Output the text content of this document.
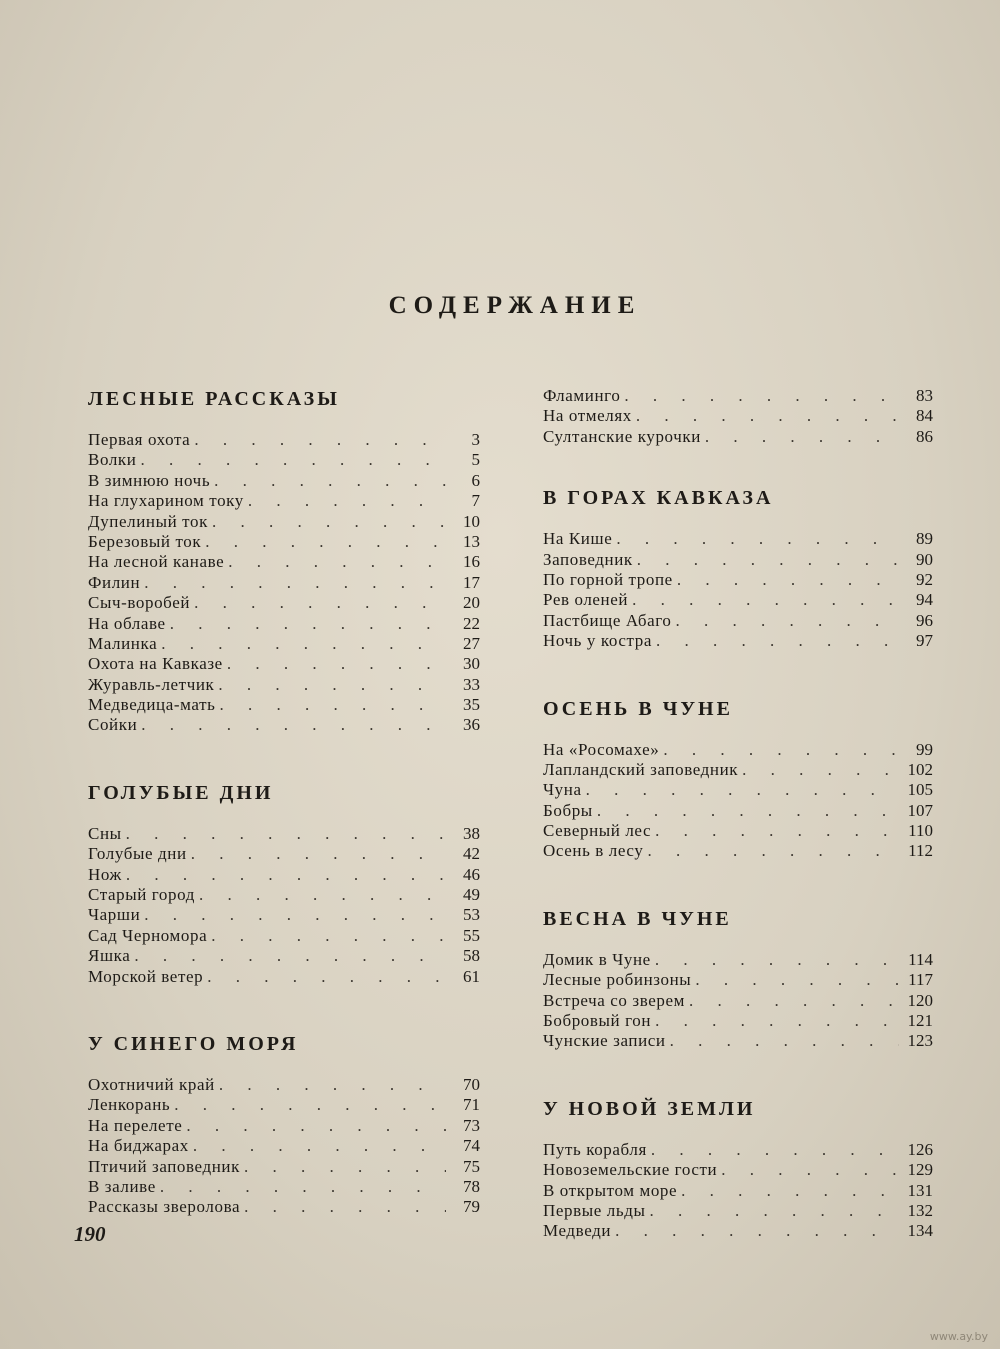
СОДЕРЖАНИЕ
ЛЕСНЫЕ РАССКАЗЫ
Первая охота . . .	3
Волки . . .	5
В зимнюю ночь . . .	6
На глухарином току . . .	7
Дупелиный ток . . .	10
Березовый ток . . .	13
На лесной канаве . . .	16
Филин . . .	17
Сыч-воробей . . .	20
На облаве . . .	22
Малинка . . .	27
Охота на Кавказе . . .	30
Журавль-летчик . . .	33
Медведица-мать . . .	35
Сойки . . .	36
ГОЛУБЫЕ ДНИ
Сны . . .	38
Голубые дни . . .	42
Нож . . .	46
Старый город . . .	49
Чарши . . .	53
Сад Черномора . . .	55
Яшка . . .	58
Морской ветер . . .	61
У СИНЕГО МОРЯ
Охотничий край . . .	70
Ленкорань . . .	71
На перелете . . .	73
На биджарах . . .	74
Птичий заповедник . . .	75
В заливе . . .	78
Рассказы зверолова . . .	79
Фламинго . . .	83
На отмелях . . .	84
Султанские курочки . . .	86
В ГОРАХ КАВКАЗА
На Кише . . .	89
Заповедник . . .	90
По горной тропе . . .	92
Рев оленей . . .	94
Пастбище Абаго . . .	96
Ночь у костра . . .	97
ОСЕНЬ В ЧУНЕ
На «Росомахе» . . .	99
Лапландский заповедник . . .	102
Чуна . . .	105
Бобры . . .	107
Северный лес . . .	110
Осень в лесу . . .	112
ВЕСНА В ЧУНЕ
Домик в Чуне . . .	114
Лесные робинзоны . . .	117
Встреча со зверем . . .	120
Бобровый гон . . .	121
Чунские записи . . .	123
У НОВОЙ ЗЕМЛИ
Путь корабля . . .	126
Новоземельские гости . . .	129
В открытом море . . .	131
Первые льды . . .	132
Медведи . . .	134
190
www.ay.by
